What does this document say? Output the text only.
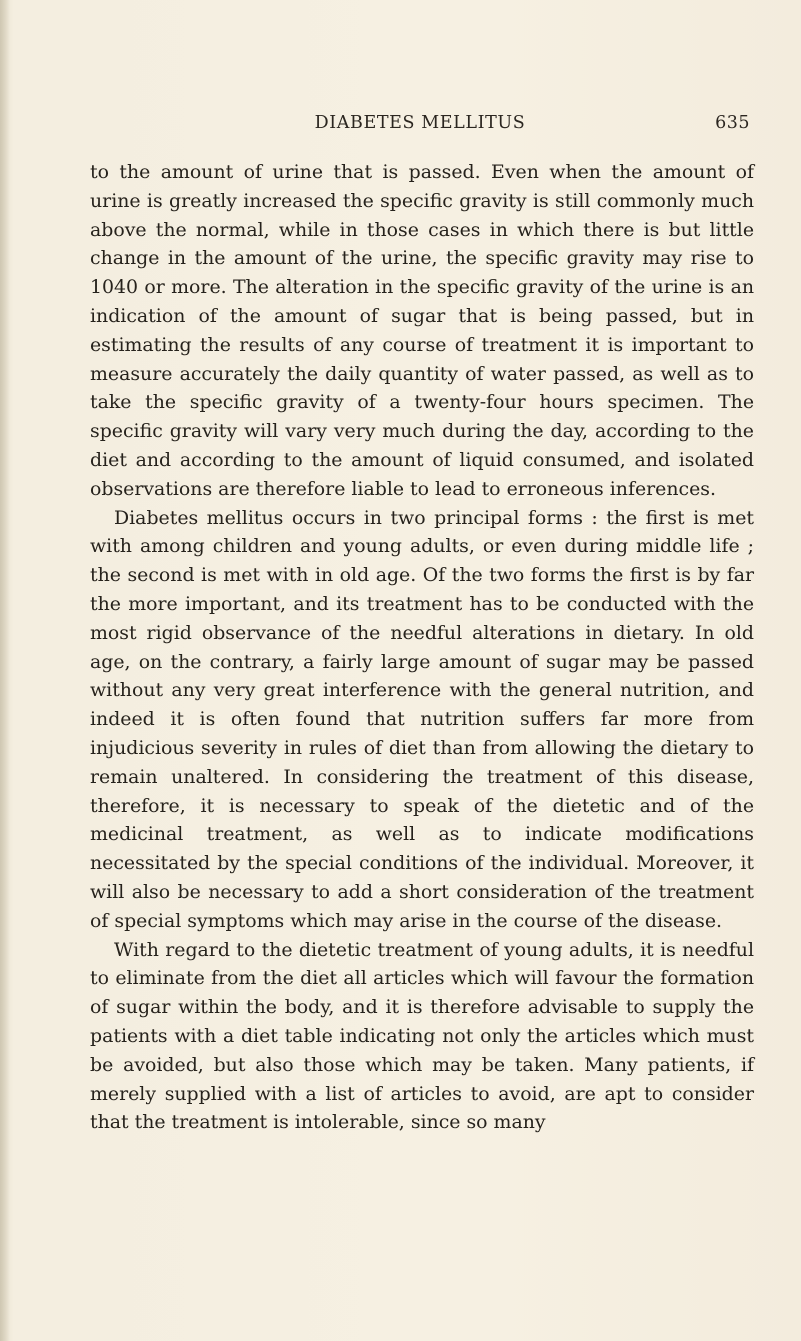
DIABETES MELLITUS	635

to the amount of urine that is passed. Even when the amount of urine is greatly increased the specific gravity is still commonly much above the normal, while in those cases in which there is but little change in the amount of the urine, the specific gravity may rise to 1040 or more. The alteration in the specific gravity of the urine is an indication of the amount of sugar that is being passed, but in estimating the results of any course of treatment it is important to measure accurately the daily quantity of water passed, as well as to take the specific gravity of a twenty-four hours specimen. The specific gravity will vary very much during the day, according to the diet and according to the amount of liquid consumed, and isolated observations are therefore liable to lead to erroneous inferences.

Diabetes mellitus occurs in two principal forms : the first is met with among children and young adults, or even during middle life ; the second is met with in old age. Of the two forms the first is by far the more important, and its treatment has to be conducted with the most rigid observance of the needful alterations in dietary. In old age, on the contrary, a fairly large amount of sugar may be passed without any very great interference with the general nutrition, and indeed it is often found that nutrition suffers far more from injudicious severity in rules of diet than from allowing the dietary to remain unaltered. In considering the treatment of this disease, therefore, it is necessary to speak of the dietetic and of the medicinal treatment, as well as to indicate modifications necessitated by the special conditions of the individual. Moreover, it will also be necessary to add a short consideration of the treatment of special symptoms which may arise in the course of the disease.

With regard to the dietetic treatment of young adults, it is needful to eliminate from the diet all articles which will favour the formation of sugar within the body, and it is therefore advisable to supply the patients with a diet table indicating not only the articles which must be avoided, but also those which may be taken. Many patients, if merely supplied with a list of articles to avoid, are apt to consider that the treatment is intolerable, since so many
